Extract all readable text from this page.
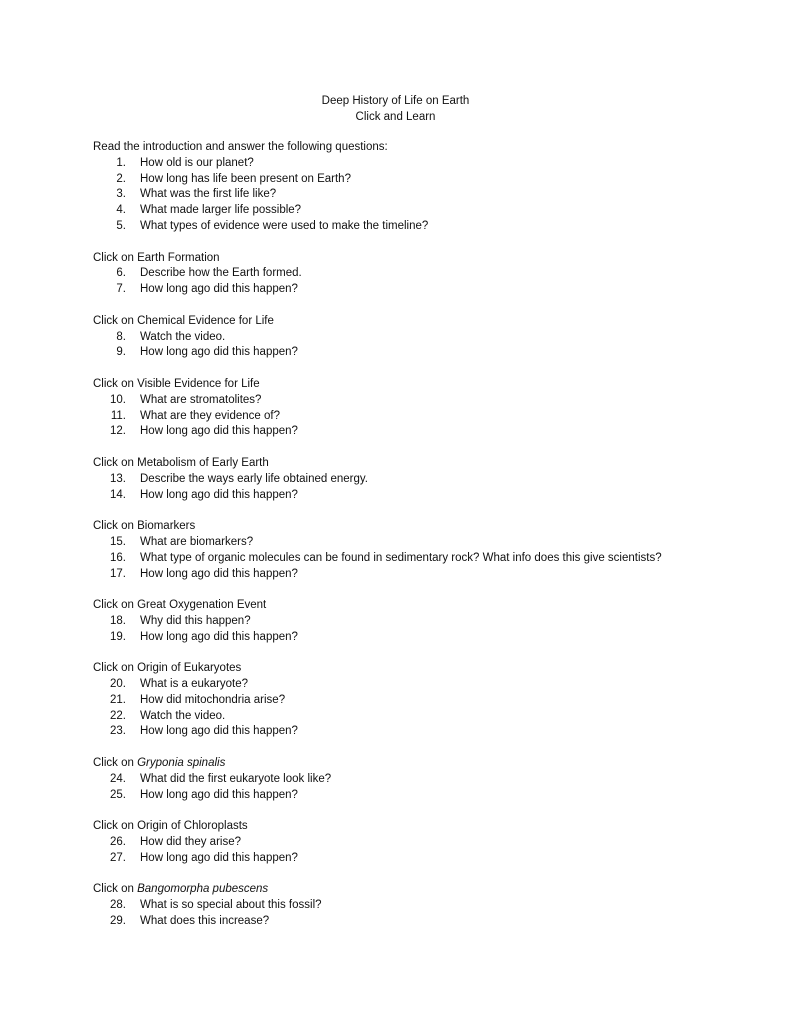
Deep History of Life on Earth
Click and Learn
Read the introduction and answer the following questions:
1. How old is our planet?
2. How long has life been present on Earth?
3. What was the first life like?
4. What made larger life possible?
5. What types of evidence were used to make the timeline?
Click on Earth Formation
6. Describe how the Earth formed.
7. How long ago did this happen?
Click on Chemical Evidence for Life
8. Watch the video.
9. How long ago did this happen?
Click on Visible Evidence for Life
10. What are stromatolites?
11. What are they evidence of?
12. How long ago did this happen?
Click on Metabolism of Early Earth
13. Describe the ways early life obtained energy.
14. How long ago did this happen?
Click on Biomarkers
15. What are biomarkers?
16. What type of organic molecules can be found in sedimentary rock? What info does this give scientists?
17. How long ago did this happen?
Click on Great Oxygenation Event
18. Why did this happen?
19. How long ago did this happen?
Click on Origin of Eukaryotes
20. What is a eukaryote?
21. How did mitochondria arise?
22. Watch the video.
23. How long ago did this happen?
Click on Gryponia spinalis
24. What did the first eukaryote look like?
25. How long ago did this happen?
Click on Origin of Chloroplasts
26. How did they arise?
27. How long ago did this happen?
Click on Bangomorpha pubescens
28. What is so special about this fossil?
29. What does this increase?
